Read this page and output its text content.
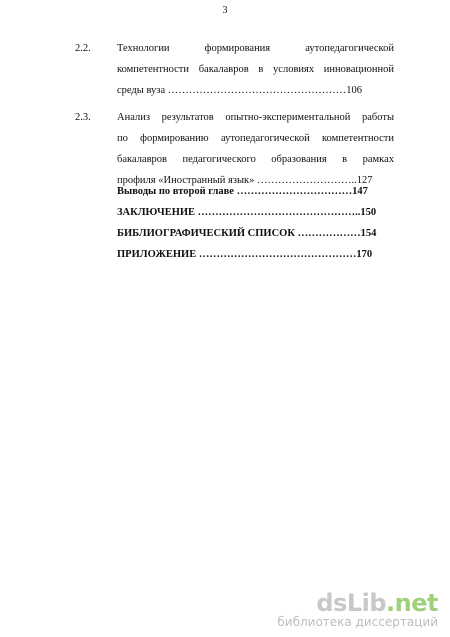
3
2.2.	Технологии формирования аутопедагогической
компетентности бакалавров в условиях инновационной
среды вуза ……………………………………………106
2.3.	Анализ результатов опытно-экспериментальной работы
по формированию аутопедагогической компетентности
бакалавров педагогического образования в рамках
профиля «Иностранный язык» ………………………..127
Выводы по второй главе ……………………………147
ЗАКЛЮЧЕНИЕ ………………………………………..150
БИБЛИОГРАФИЧЕСКИЙ СПИСОК ………………154
ПРИЛОЖЕНИЕ ………………………………………170
dsLib.net
библиотека диссертаций
